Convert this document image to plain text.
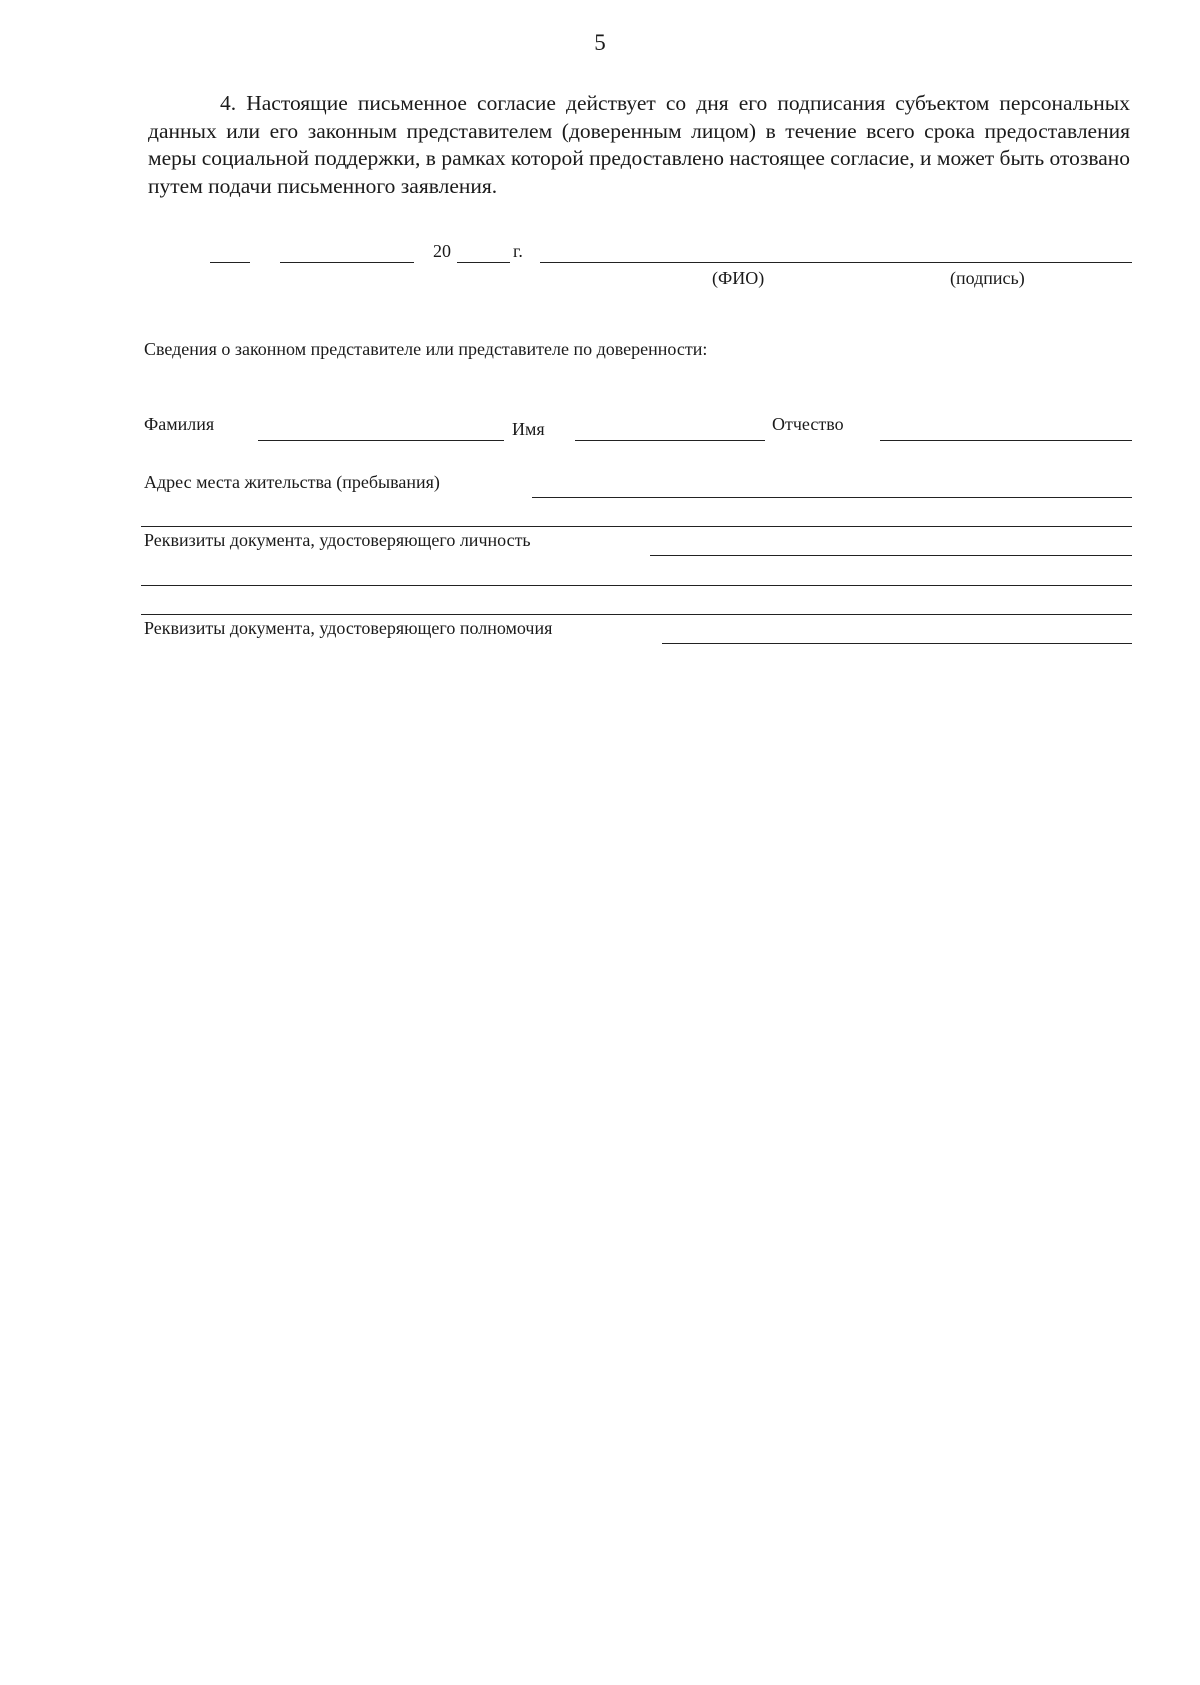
5

4. Настоящие письменное согласие действует со дня его подписания субъектом персональных данных или его законным представителем (доверенным лицом) в течение всего срока предоставления меры социальной поддержки, в рамках которой предоставлено настоящее согласие, и может быть отозвано путем подачи письменного заявления.

20	г.
(ФИО)	(подпись)
Сведения о законном представителе или представителе по доверенности:
Фамилия	Имя	Отчество
Адрес места жительства (пребывания)
Реквизиты документа, удостоверяющего личность
Реквизиты документа, удостоверяющего полномочия
